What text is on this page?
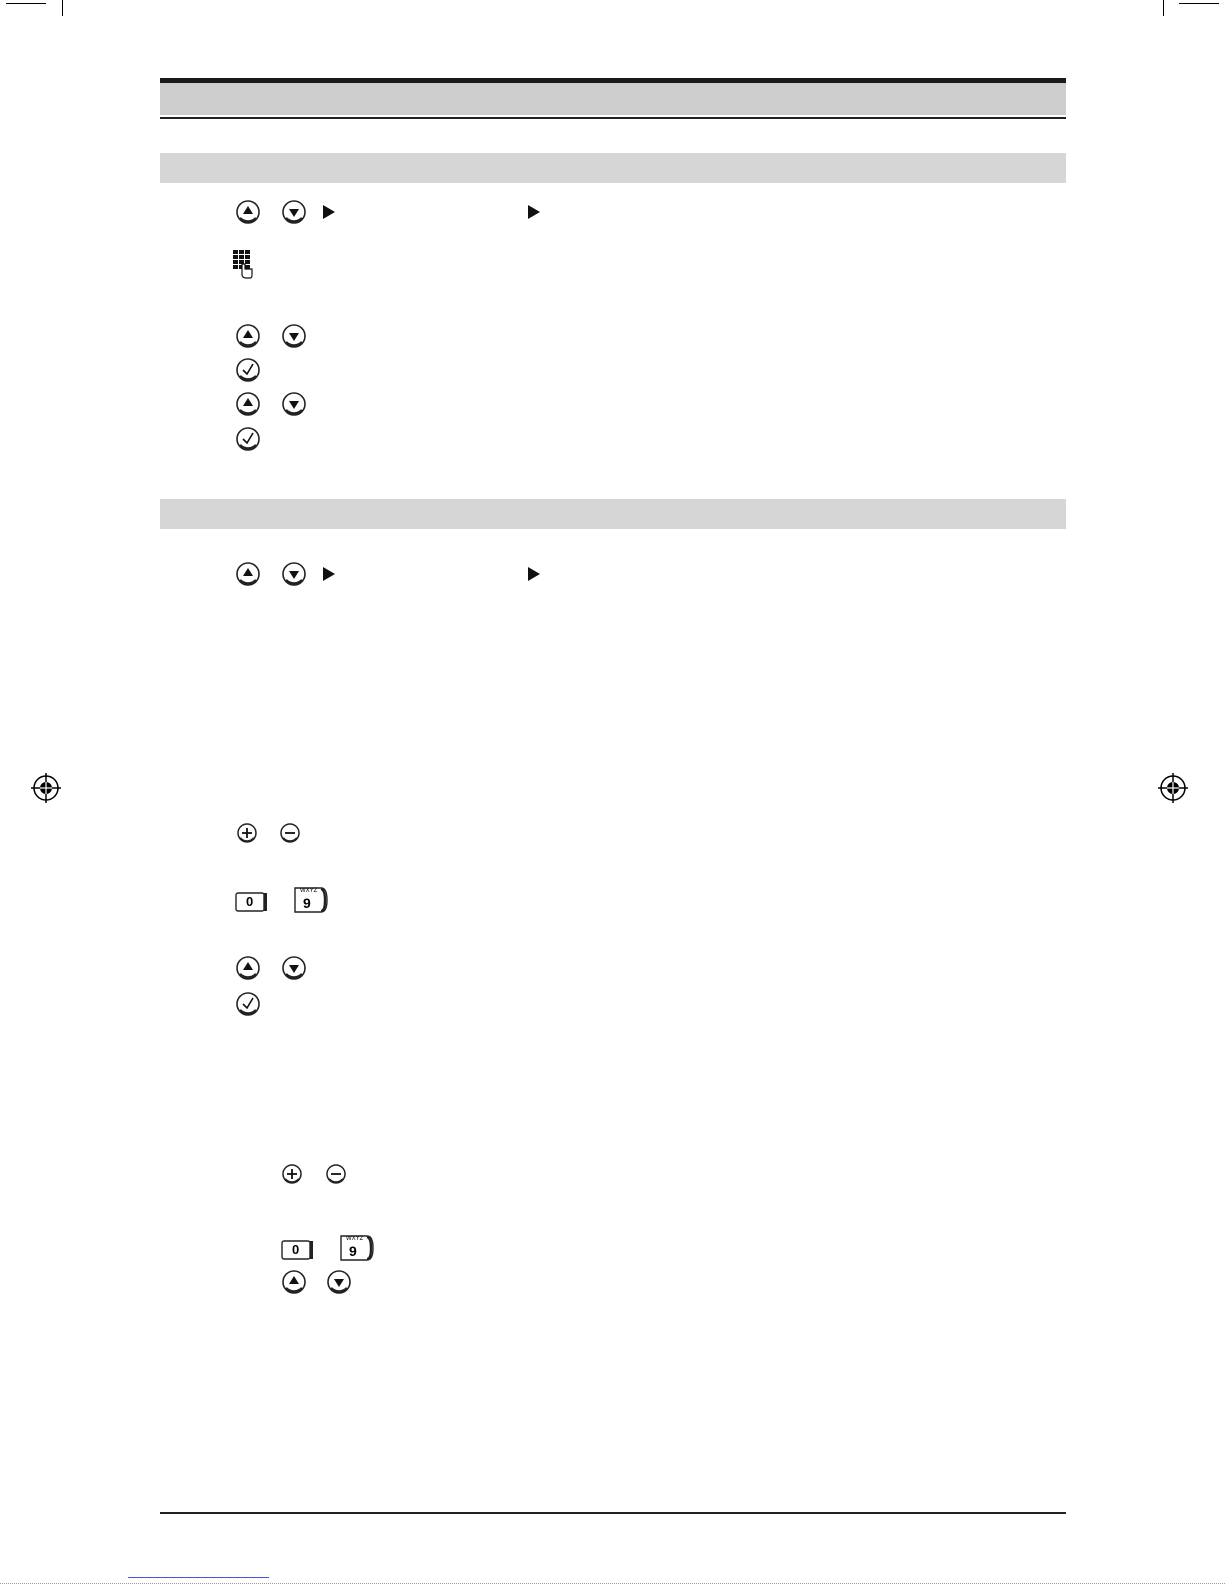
0
WXYZ
9
0
WXYZ
9
